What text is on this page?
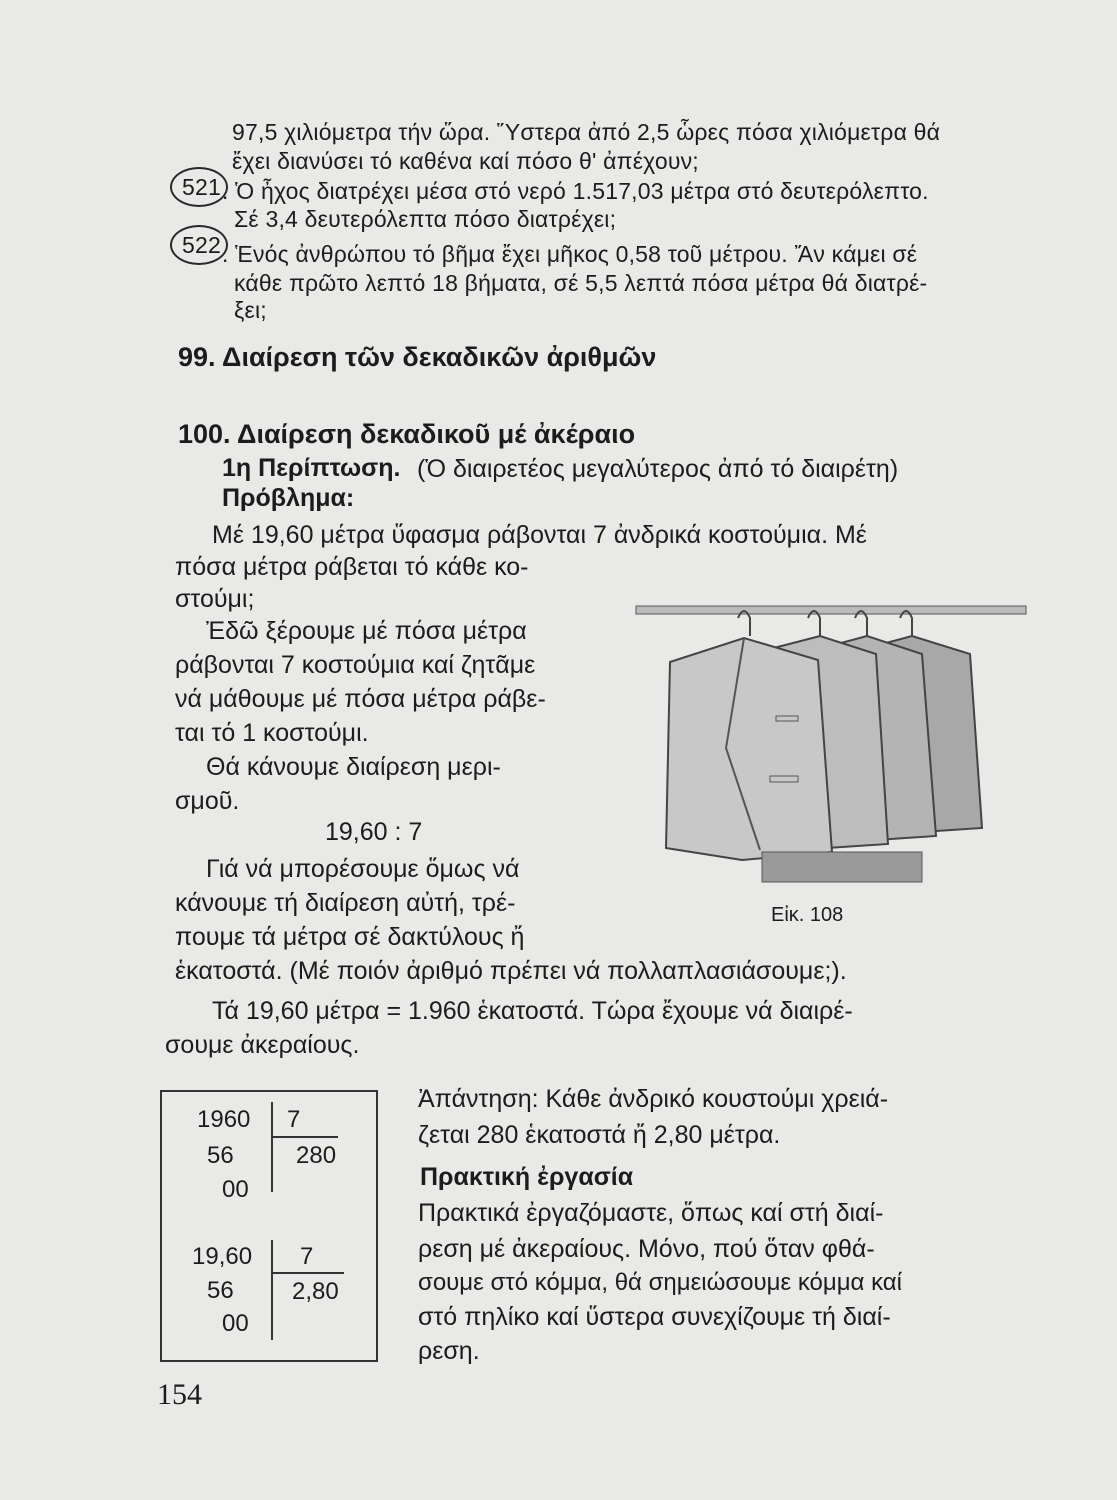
97,5 χιλιόμετρα τήν ὥρα. Ὕστερα ἀπό 2,5 ὧρες πόσα χιλιόμετρα θά

ἔχει διανύσει τό καθένα καί πόσο θ' ἀπέχουν;

521 . Ὁ ἦχος διατρέχει μέσα στό νερό 1.517,03 μέτρα στό δευτερόλεπτο.

Σέ 3,4 δευτερόλεπτα πόσο διατρέχει;

522 . Ἑνός ἀνθρώπου τό βῆμα ἔχει μῆκος 0,58 τοῦ μέτρου. Ἄν κάμει σέ

κάθε πρῶτο λεπτό 18 βήματα, σέ 5,5 λεπτά πόσα μέτρα θά διατρέ-

ξει;

99. Διαίρεση τῶν δεκαδικῶν ἀριθμῶν
100. Διαίρεση δεκαδικοῦ μέ ἀκέραιο

1η Περίπτωση. (Ὁ διαιρετέος μεγαλύτερος ἀπό τό διαιρέτη)

Πρόβλημα:

Μέ 19,60 μέτρα ὕφασμα ράβονται 7 ἀνδρικά κοστούμια. Μέ

πόσα μέτρα ράβεται τό κάθε κο-

στούμι;

Ἐδῶ ξέρουμε μέ πόσα μέτρα

ράβονται 7 κοστούμια καί ζητᾶμε

νά μάθουμε μέ πόσα μέτρα ράβε-

ται τό 1 κοστούμι.

Θά κάνουμε διαίρεση μερι-

σμοῦ.

19,60 : 7

Γιά νά μπορέσουμε ὅμως νά

κάνουμε τή διαίρεση αὐτή, τρέ-

πουμε τά μέτρα σέ δακτύλους ἤ

ἑκατοστά. (Μέ ποιόν ἀριθμό πρέπει νά πολλαπλασιάσουμε;).

Τά 19,60 μέτρα = 1.960 ἑκατοστά. Τώρα ἔχουμε νά διαιρέ-

σουμε ἀκεραίους.

Εἰκ. 108

1960 7
56	280
00
19,60 7
56 2,80
00

Ἀπάντηση: Κάθε ἀνδρικό κουστούμι χρειά-

ζεται 280 ἑκατοστά ἤ 2,80 μέτρα.

Πρακτική ἐργασία

Πρακτικά ἐργαζόμαστε, ὅπως καί στή διαί-

ρεση μέ ἀκεραίους. Μόνο, πού ὅταν φθά-

σουμε στό κόμμα, θά σημειώσουμε κόμμα καί

στό πηλίκο καί ὕστερα συνεχίζουμε τή διαί-

ρεση.

154
